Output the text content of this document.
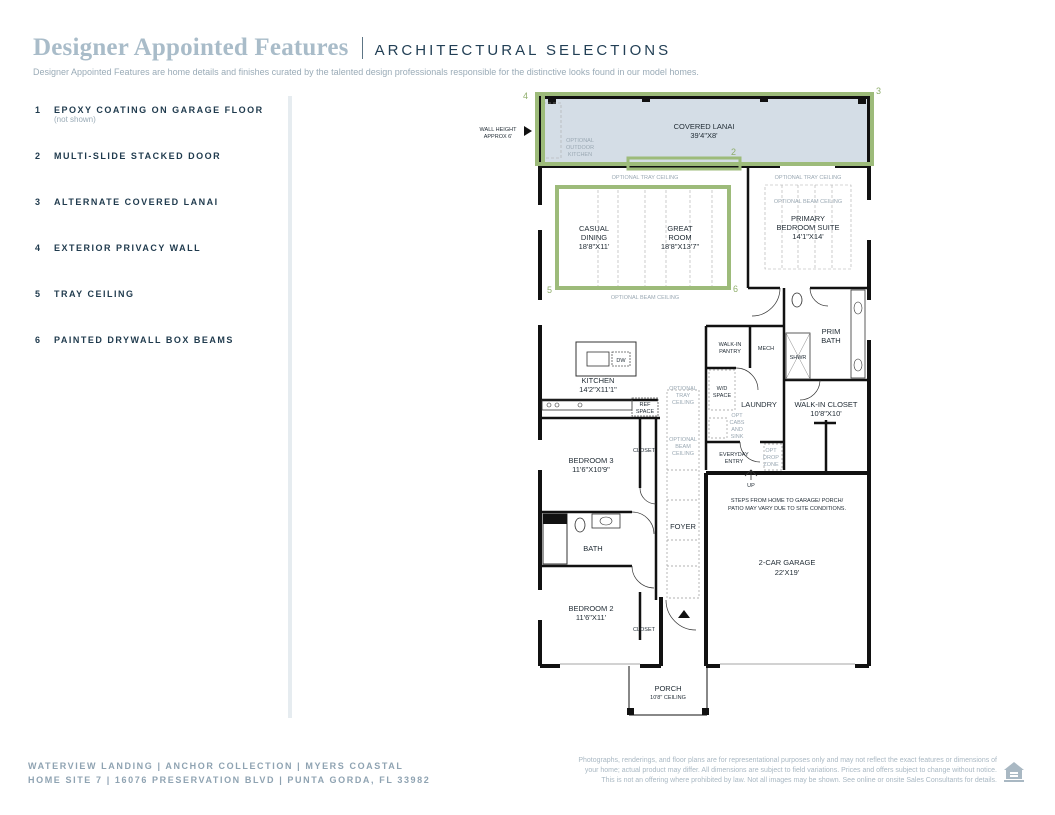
Designer Appointed Features ARCHITECTURAL SELECTIONS
Designer Appointed Features are home details and finishes curated by the talented design professionals responsible for the distinctive looks found in our model homes.
1 EPOXY COATING ON GARAGE FLOOR
(not shown)
2 MULTI-SLIDE STACKED DOOR
3 ALTERNATE COVERED LANAI
4 EXTERIOR PRIVACY WALL
5 TRAY CEILING
6 PAINTED DRYWALL BOX BEAMS
2
3
4
5	6
WALL HEIGHT
APPROX 6'
COVERED LANAI
39'4"X8'
OPTIONAL
OUTDOOR
KITCHEN
OPTIONAL TRAY CEILING	OPTIONAL TRAY CEILING
OPTIONAL BEAM CEILING
OPTIONAL BEAM CEILING
OPTIONAL
TRAY
CEILING
OPTIONAL
BEAM
CEILING
OPT
CABS
AND
SINK
OPT
DROP
ZONE
CASUAL
DINING
18'8"X11'
GREAT
ROOM
18'8"X13'7"
PRIMARY
BEDROOM SUITE
14'1"X14'
WALK-IN
PANTRY	MECH
SHWR
PRIM
BATH
KITCHEN
14'2"X11'1"
DW
REF
SPACE
W/D
SPACE
LAUNDRY WALK-IN CLOSET
10'8"X10'
EVERYDAY
ENTRY
UP
CLOSET
BEDROOM 3
11'6"X10'9"
BATH
FOYER
STEPS FROM HOME TO GARAGE/ PORCH/
PATIO MAY VARY DUE TO SITE CONDITIONS.
2-CAR GARAGE
22'X19'
BEDROOM 2
11'6"X11'
CLOSET
PORCH
10'8" CEILING
WATERVIEW LANDING | ANCHOR COLLECTION | MYERS COASTAL
HOME SITE 7 | 16076 PRESERVATION BLVD | PUNTA GORDA, FL 33982
Photographs, renderings, and floor plans are for representational purposes only and may not reflect the exact features or dimensions of
your home; actual product may differ. All dimensions are subject to field variations. Prices and offers subject to change without notice.
This is not an offering where prohibited by law. Not all images may be shown. See online or onsite Sales Consultants for details.
